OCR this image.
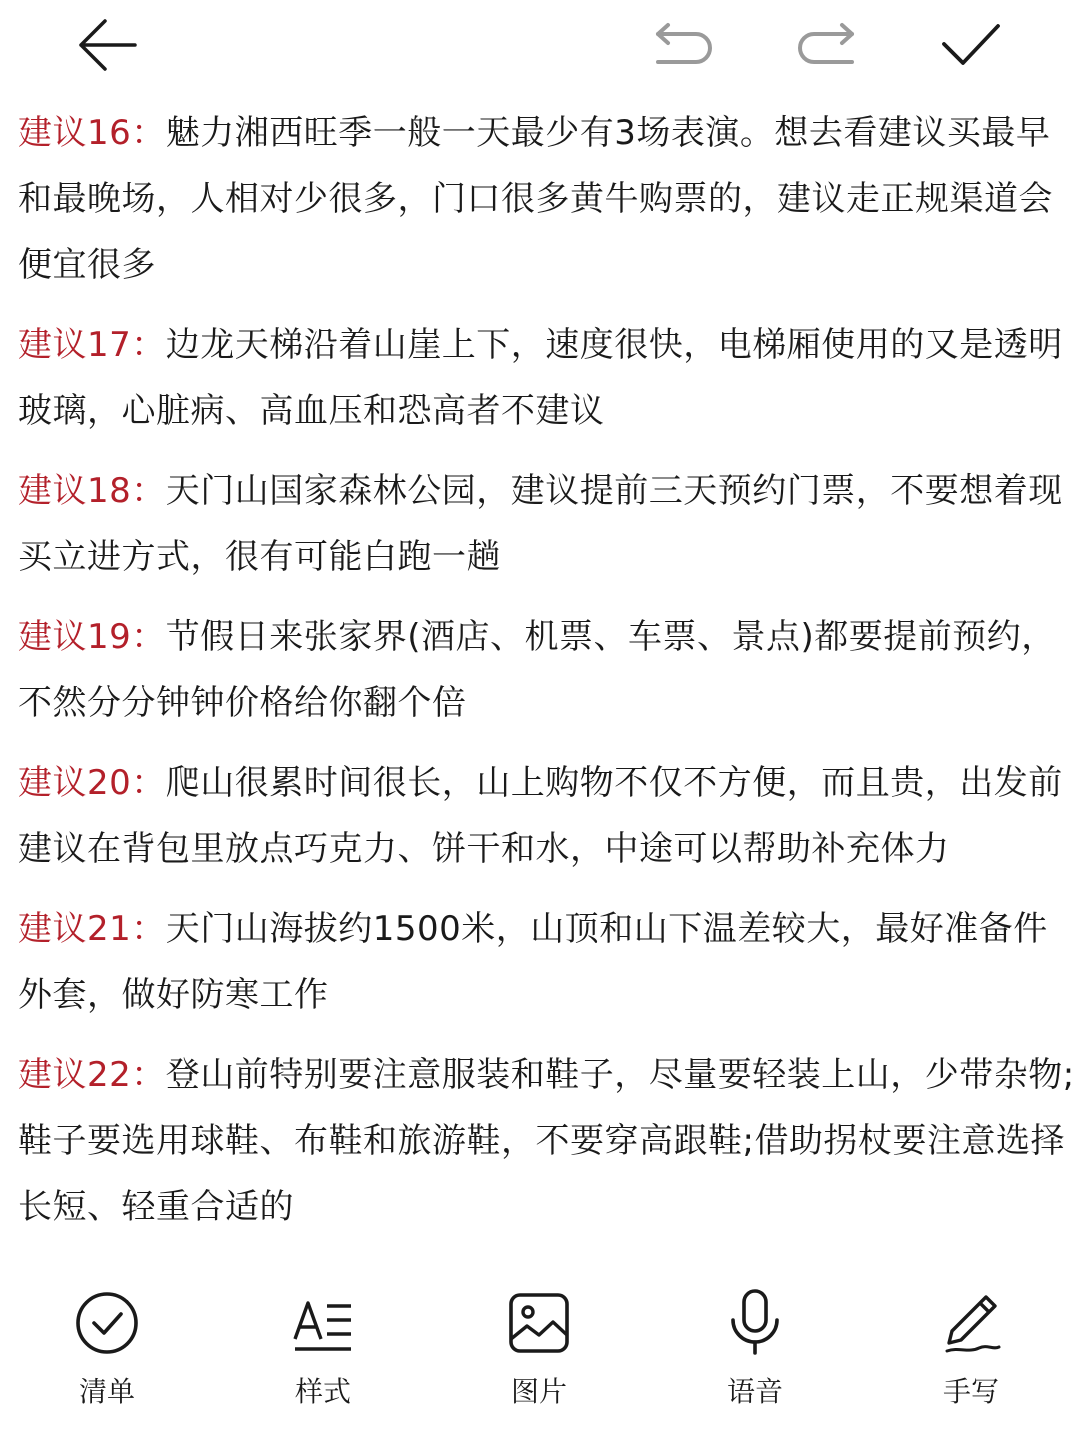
建议16：魅力湘西旺季一般一天最少有3场表演。想去看建议买最早和最晚场，人相对少很多，门口很多黄牛购票的，建议走正规渠道会便宜很多

建议17：边龙天梯沿着山崖上下，速度很快，电梯厢使用的又是透明玻璃，心脏病、高血压和恐高者不建议

建议18：天门山国家森林公园，建议提前三天预约门票，不要想着现买立进方式，很有可能白跑一趟

建议19：节假日来张家界(酒店、机票、车票、景点)都要提前预约，不然分分钟钟价格给你翻个倍

建议20：爬山很累时间很长，山上购物不仅不方便，而且贵，出发前建议在背包里放点巧克力、饼干和水，中途可以帮助补充体力

建议21：天门山海拔约1500米，山顶和山下温差较大，最好准备件外套，做好防寒工作

建议22：登山前特别要注意服装和鞋子，尽量要轻装上山，少带杂物;鞋子要选用球鞋、布鞋和旅游鞋，不要穿高跟鞋;借助拐杖要注意选择长短、轻重合适的

清单	样式	图片	语音	手写
